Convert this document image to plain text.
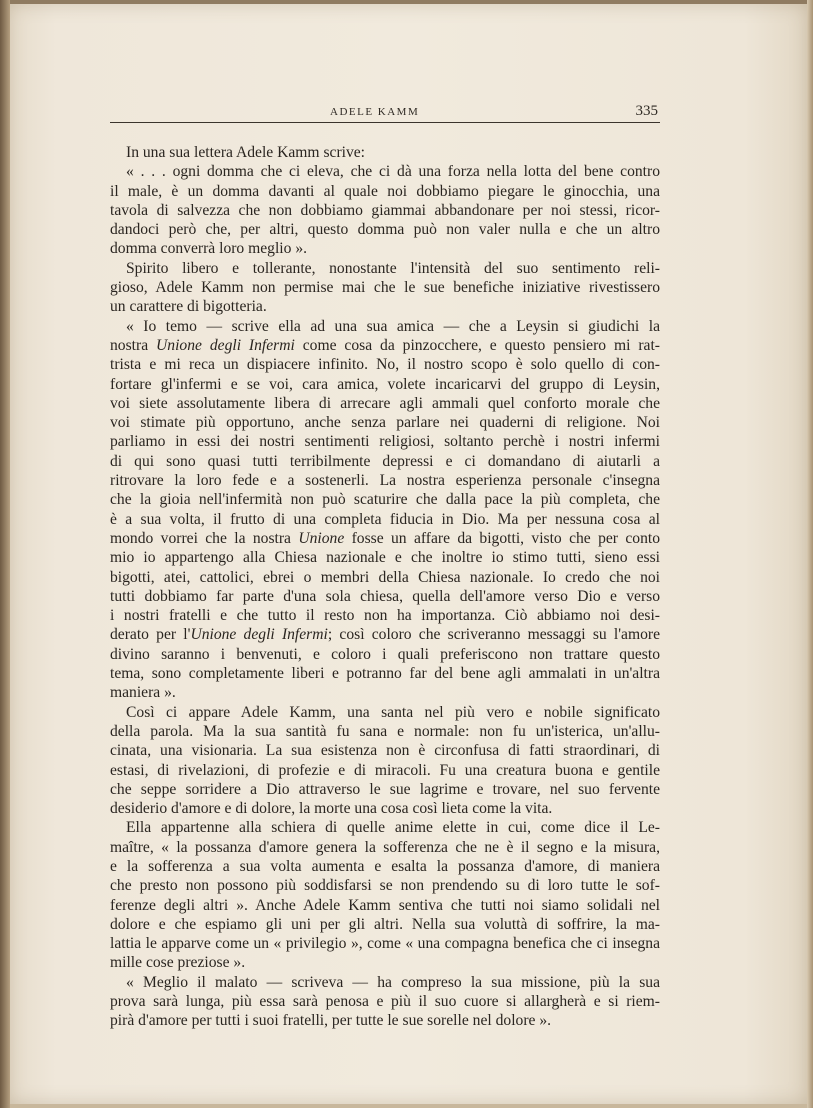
ADELE KAMM	335
In una sua lettera Adele Kamm scrive:
« . . . ogni domma che ci eleva, che ci dà una forza nella lotta del bene contro
il male, è un domma davanti al quale noi dobbiamo piegare le ginocchia, una
tavola di salvezza che non dobbiamo giammai abbandonare per noi stessi, ricor-
dandoci però che, per altri, questo domma può non valer nulla e che un altro
domma converrà loro meglio ».
Spirito libero e tollerante, nonostante l'intensità del suo sentimento reli-
gioso, Adele Kamm non permise mai che le sue benefiche iniziative rivestissero
un carattere di bigotteria.
« Io temo — scrive ella ad una sua amica — che a Leysin si giudichi la
nostra Unione degli Infermi come cosa da pinzocchere, e questo pensiero mi rat-
trista e mi reca un dispiacere infinito. No, il nostro scopo è solo quello di con-
fortare gl'infermi e se voi, cara amica, volete incaricarvi del gruppo di Leysin,
voi siete assolutamente libera di arrecare agli ammali quel conforto morale che
voi stimate più opportuno, anche senza parlare nei quaderni di religione. Noi
parliamo in essi dei nostri sentimenti religiosi, soltanto perchè i nostri infermi
di qui sono quasi tutti terribilmente depressi e ci domandano di aiutarli a
ritrovare la loro fede e a sostenerli. La nostra esperienza personale c'insegna
che la gioia nell'infermità non può scaturire che dalla pace la più completa, che
è a sua volta, il frutto di una completa fiducia in Dio. Ma per nessuna cosa al
mondo vorrei che la nostra Unione fosse un affare da bigotti, visto che per conto
mio io appartengo alla Chiesa nazionale e che inoltre io stimo tutti, sieno essi
bigotti, atei, cattolici, ebrei o membri della Chiesa nazionale. Io credo che noi
tutti dobbiamo far parte d'una sola chiesa, quella dell'amore verso Dio e verso
i nostri fratelli e che tutto il resto non ha importanza. Ciò abbiamo noi desi-
derato per l'Unione degli Infermi; così coloro che scriveranno messaggi su l'amore
divino saranno i benvenuti, e coloro i quali preferiscono non trattare questo
tema, sono completamente liberi e potranno far del bene agli ammalati in un'altra
maniera ».
Così ci appare Adele Kamm, una santa nel più vero e nobile significato
della parola. Ma la sua santità fu sana e normale: non fu un'isterica, un'allu-
cinata, una visionaria. La sua esistenza non è circonfusa di fatti straordinari, di
estasi, di rivelazioni, di profezie e di miracoli. Fu una creatura buona e gentile
che seppe sorridere a Dio attraverso le sue lagrime e trovare, nel suo fervente
desiderio d'amore e di dolore, la morte una cosa così lieta come la vita.
Ella appartenne alla schiera di quelle anime elette in cui, come dice il Le-
maître, « la possanza d'amore genera la sofferenza che ne è il segno e la misura,
e la sofferenza a sua volta aumenta e esalta la possanza d'amore, di maniera
che presto non possono più soddisfarsi se non prendendo su di loro tutte le sof-
ferenze degli altri ». Anche Adele Kamm sentiva che tutti noi siamo solidali nel
dolore e che espiamo gli uni per gli altri. Nella sua voluttà di soffrire, la ma-
lattia le apparve come un « privilegio », come « una compagna benefica che ci insegna
mille cose preziose ».
« Meglio il malato — scriveva — ha compreso la sua missione, più la sua
prova sarà lunga, più essa sarà penosa e più il suo cuore si allargherà e si riem-
pirà d'amore per tutti i suoi fratelli, per tutte le sue sorelle nel dolore ».
